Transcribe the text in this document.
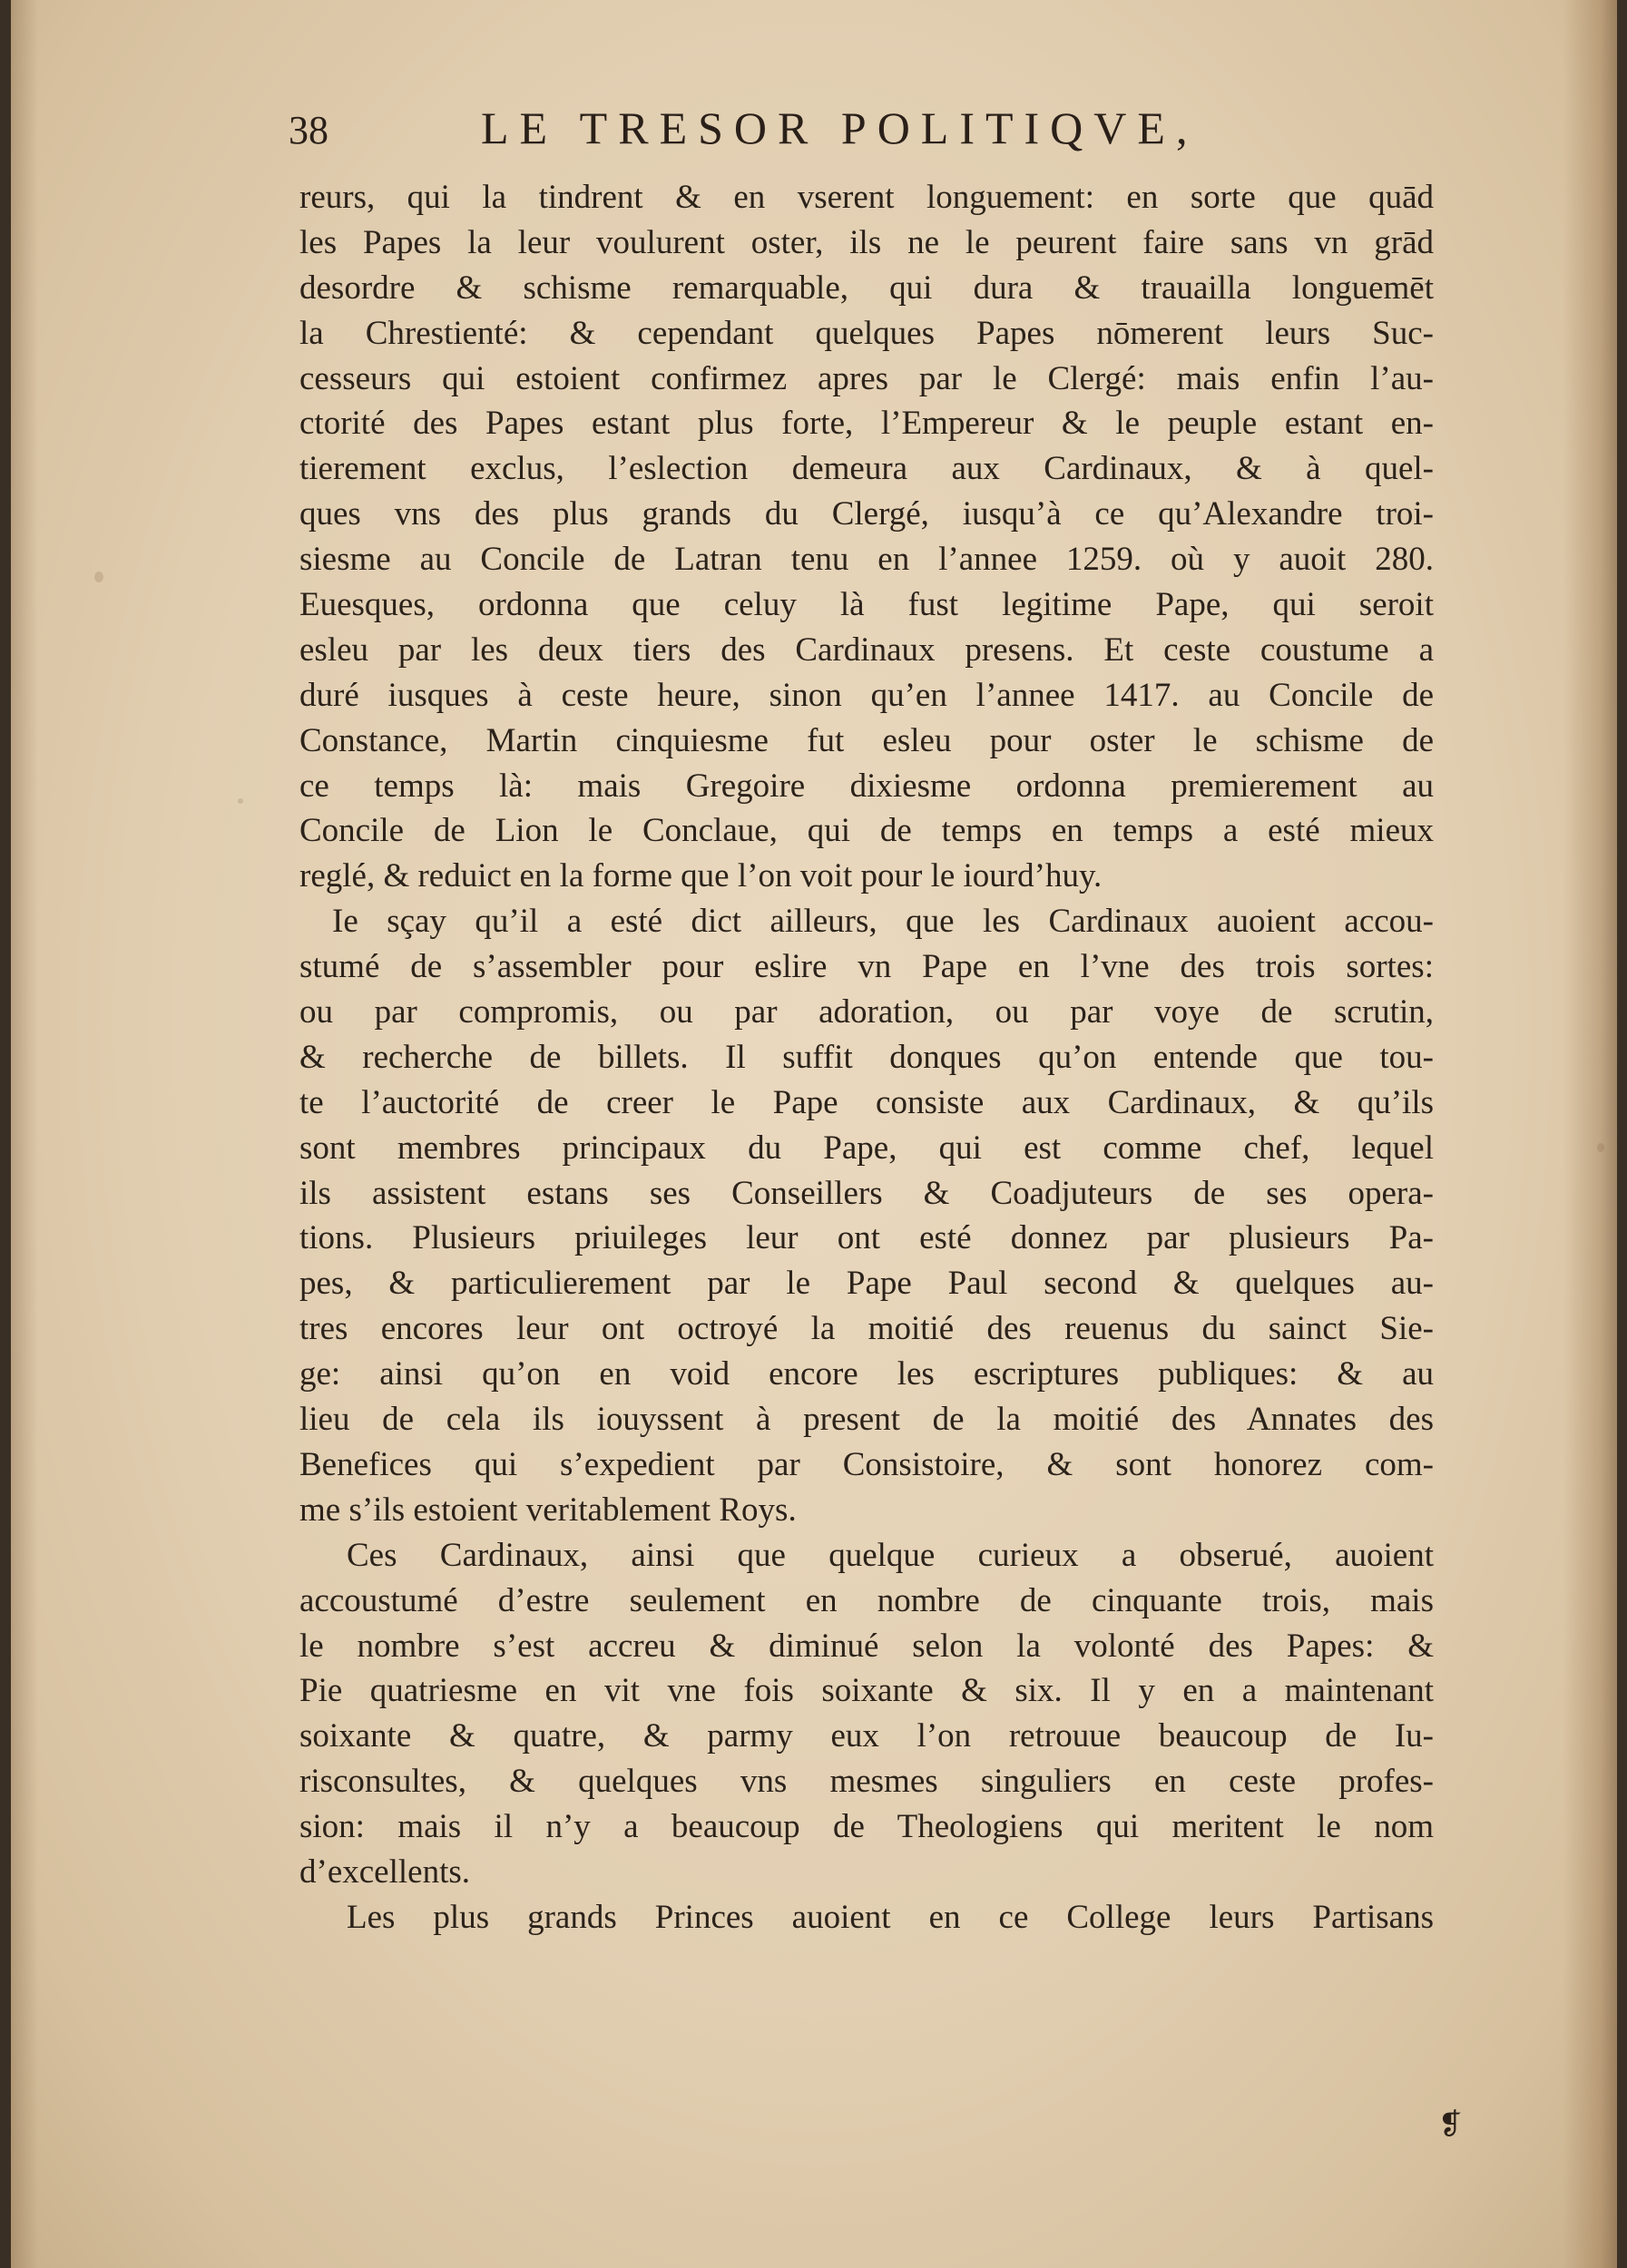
38	LE TRESOR POLITIQVE,
reurs, qui la tindrent & en vserent longuement: en sorte que quād
les Papes la leur voulurent oster, ils ne le peurent faire sans vn grād
desordre & schisme remarquable, qui dura & trauailla longuemēt
la Chrestienté: & cependant quelques Papes nōmerent leurs Suc-
cesseurs qui estoient confirmez apres par le Clergé: mais enfin l’au-
ctorité des Papes estant plus forte, l’Empereur & le peuple estant en-
tierement exclus, l’eslection demeura aux Cardinaux, & à quel-
ques vns des plus grands du Clergé, iusqu’à ce qu’Alexandre troi-
siesme au Concile de Latran tenu en l’annee 1259. où y auoit 280.
Euesques, ordonna que celuy là fust legitime Pape, qui seroit
esleu par les deux tiers des Cardinaux presens. Et ceste coustume a
duré iusques à ceste heure, sinon qu’en l’annee 1417. au Concile de
Constance, Martin cinquiesme fut esleu pour oster le schisme de
ce temps là: mais Gregoire dixiesme ordonna premierement au
Concile de Lion le Conclaue, qui de temps en temps a esté mieux
reglé, & reduict en la forme que l’on voit pour le iourd’huy.
Ie sçay qu’il a esté dict ailleurs, que les Cardinaux auoient accou-
stumé de s’assembler pour eslire vn Pape en l’vne des trois sortes:
ou par compromis, ou par adoration, ou par voye de scrutin,
& recherche de billets. Il suffit donques qu’on entende que tou-
te l’auctorité de creer le Pape consiste aux Cardinaux, & qu’ils
sont membres principaux du Pape, qui est comme chef, lequel
ils assistent estans ses Conseillers & Coadjuteurs de ses opera-
tions. Plusieurs priuileges leur ont esté donnez par plusieurs Pa-
pes, & particulierement par le Pape Paul second & quelques au-
tres encores leur ont octroyé la moitié des reuenus du sainct Sie-
ge: ainsi qu’on en void encore les escriptures publiques: & au
lieu de cela ils iouyssent à present de la moitié des Annates des
Benefices qui s’expedient par Consistoire, & sont honorez com-
me s’ils estoient veritablement Roys.
Ces Cardinaux, ainsi que quelque curieux a obserué, auoient
accoustumé d’estre seulement en nombre de cinquante trois, mais
le nombre s’est accreu & diminué selon la volonté des Papes: &
Pie quatriesme en vit vne fois soixante & six. Il y en a maintenant
soixante & quatre, & parmy eux l’on retrouue beaucoup de Iu-
risconsultes, & quelques vns mesmes singuliers en ceste profes-
sion: mais il n’y a beaucoup de Theologiens qui meritent le nom
d’excellents.
Les plus grands Princes auoient en ce College leurs Partisans
❡
